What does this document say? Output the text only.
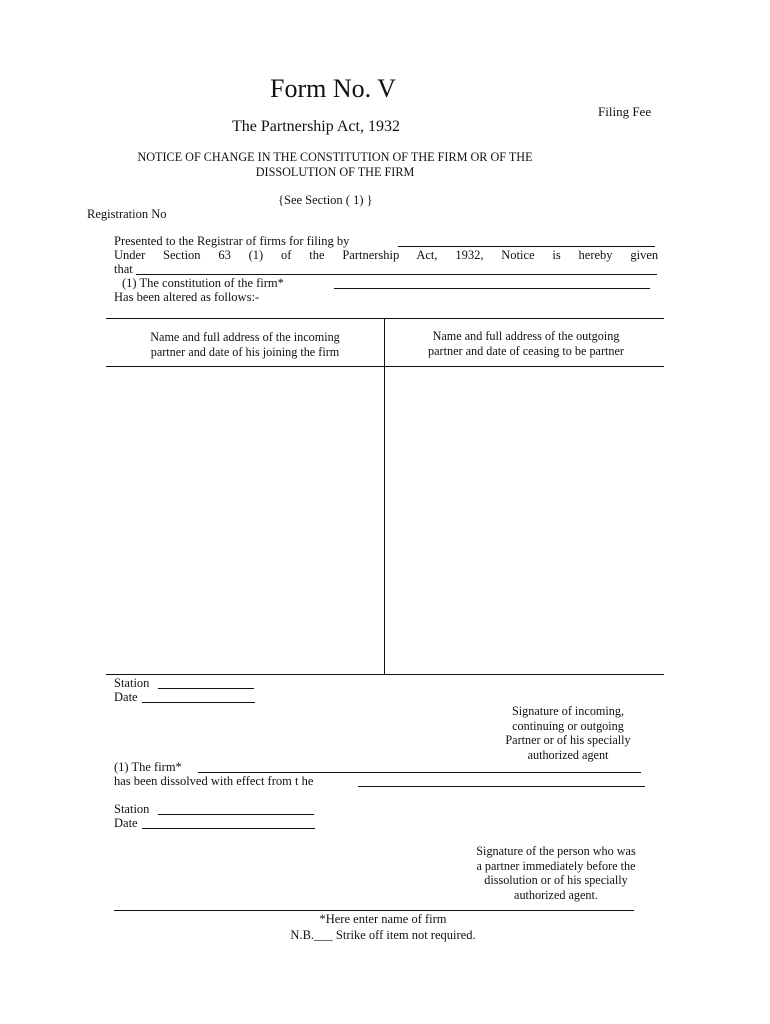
Form No. V
Filing Fee
The Partnership Act, 1932
NOTICE OF CHANGE IN THE CONSTITUTION OF THE FIRM OR OF THE
DISSOLUTION OF THE FIRM
{See Section ( 1) }
Registration No
Presented to the Registrar of firms for filing by
Under Section 63 (1) of the Partnership Act, 1932, Notice is hereby given
that
(1) The constitution of the firm*
Has been altered as follows:-
Name and full address of the incoming
partner and date of his joining the firm
Name and full address of the outgoing
partner and date of ceasing to be partner
Station
Date
Signature of incoming,
continuing or outgoing
Partner or of his specially
authorized agent
(1) The firm*
has been dissolved with effect from t he
Station
Date
Signature of the person who was
a partner immediately before the
dissolution or of his specially
authorized agent.
*Here enter name of firm
N.B.___ Strike off item not required.
